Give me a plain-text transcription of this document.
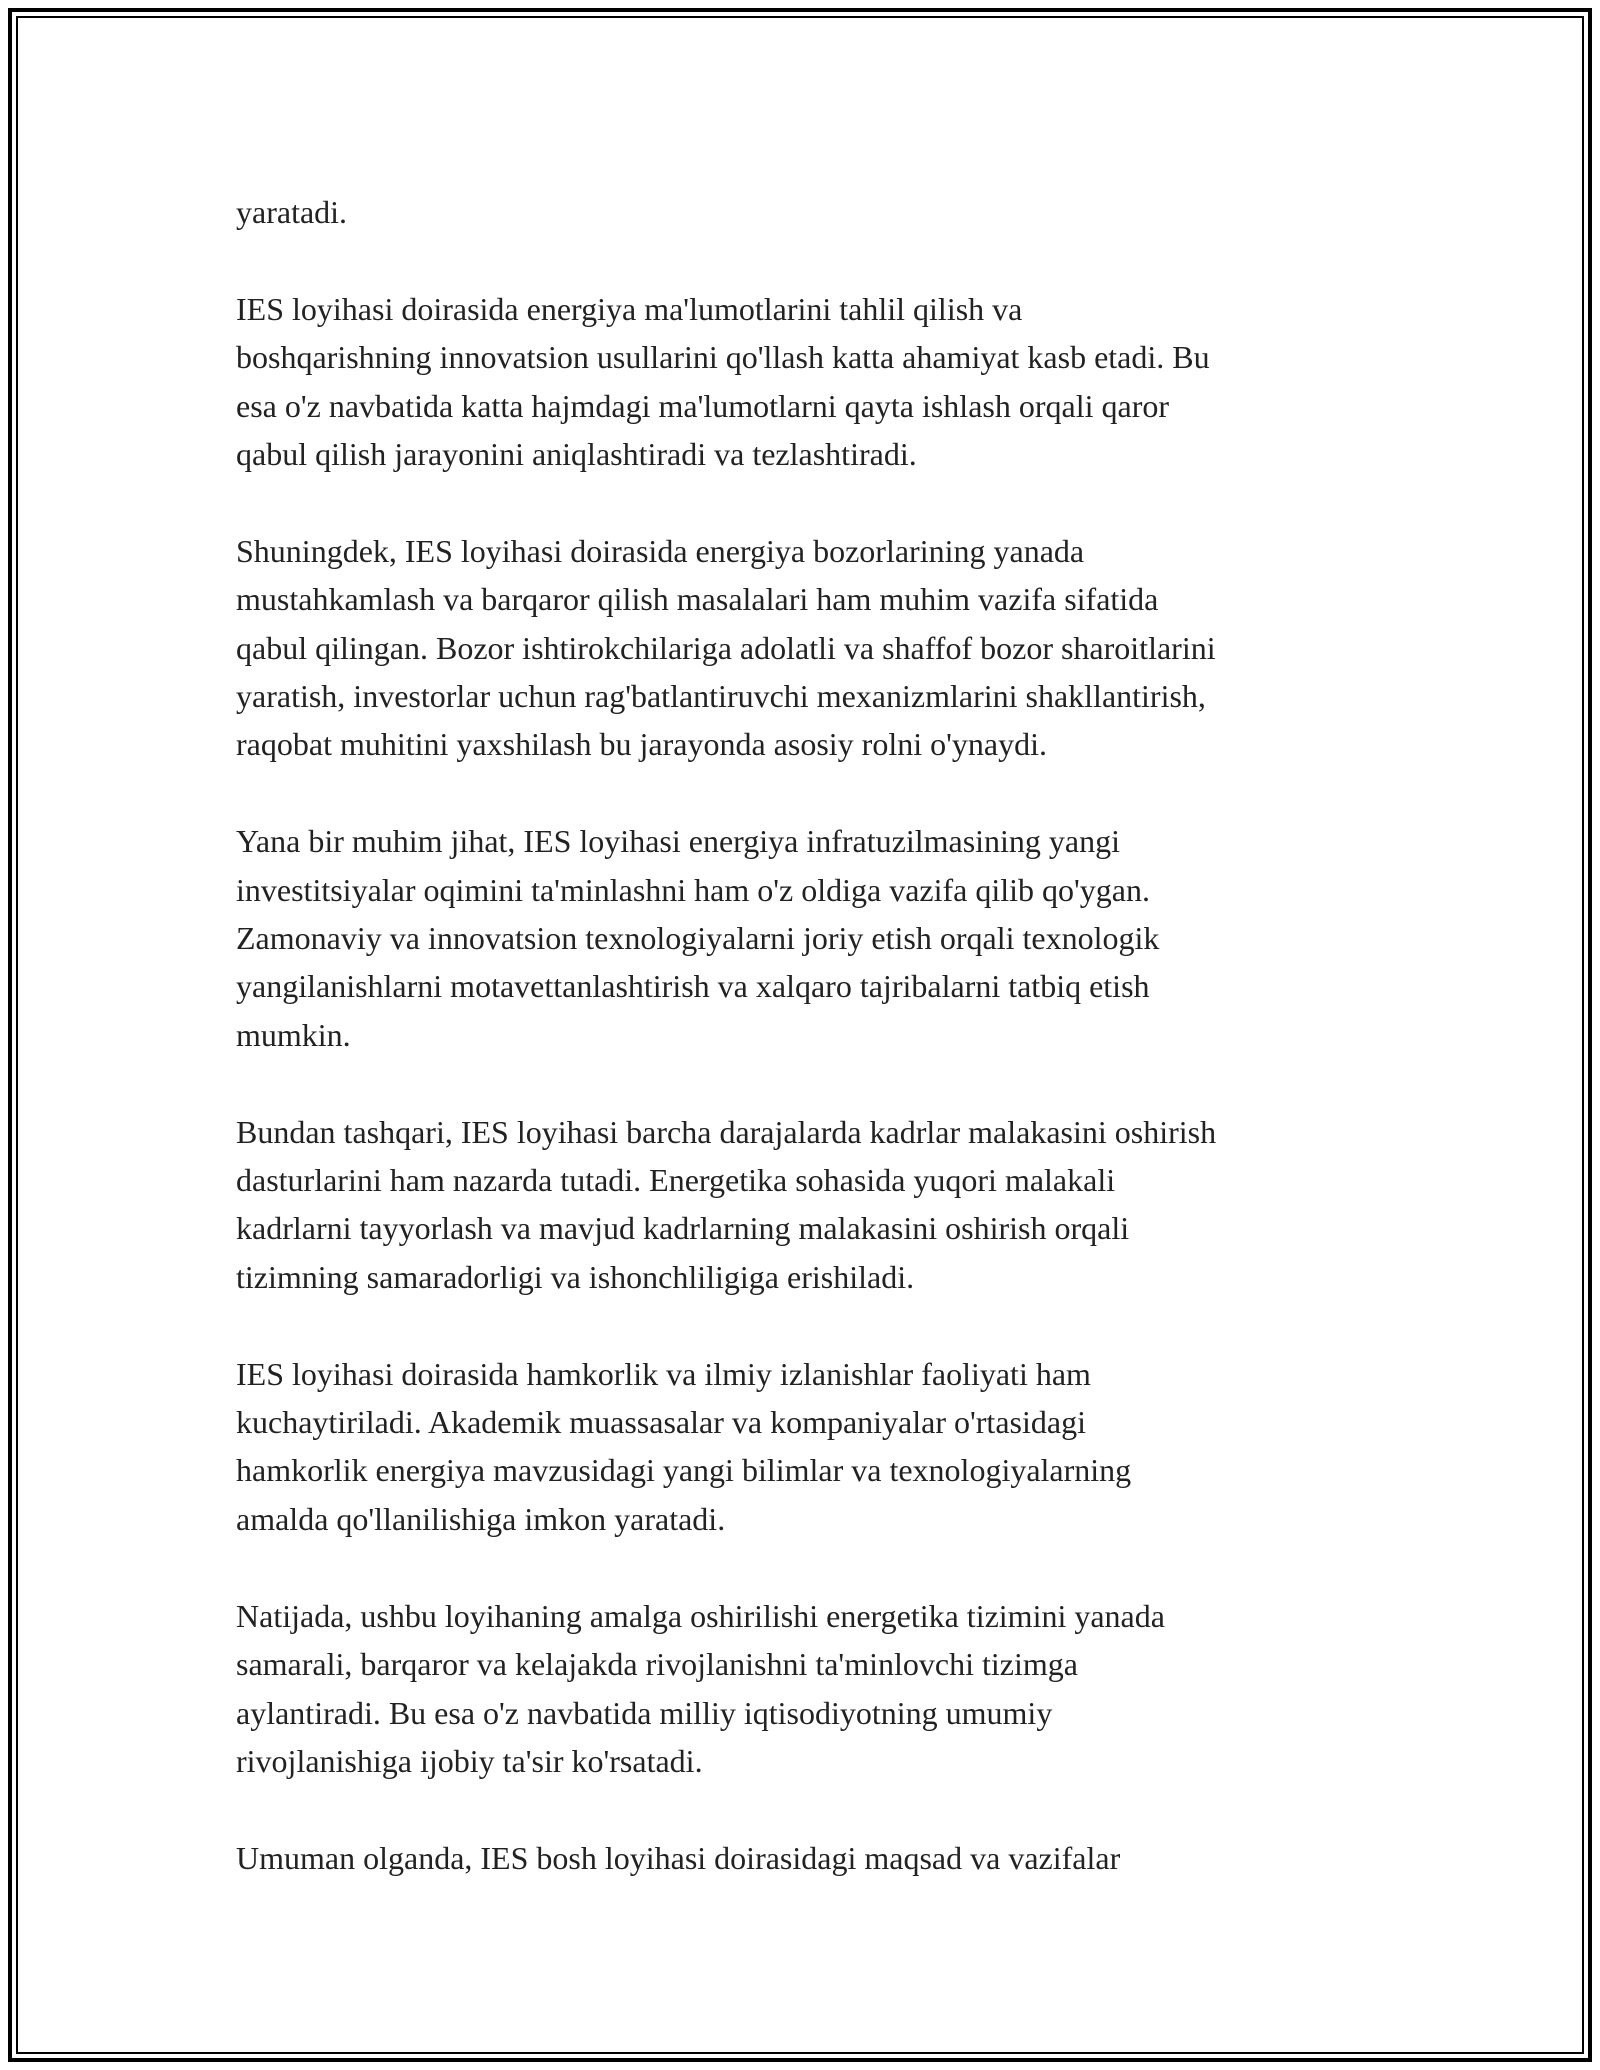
yaratadi.

IES loyihasi doirasida energiya ma'lumotlarini tahlil qilish va
boshqarishning innovatsion usullarini qo'llash katta ahamiyat kasb etadi. Bu
esa o'z navbatida katta hajmdagi ma'lumotlarni qayta ishlash orqali qaror
qabul qilish jarayonini aniqlashtiradi va tezlashtiradi.

Shuningdek, IES loyihasi doirasida energiya bozorlarining yanada
mustahkamlash va barqaror qilish masalalari ham muhim vazifa sifatida
qabul qilingan. Bozor ishtirokchilariga adolatli va shaffof bozor sharoitlarini
yaratish, investorlar uchun rag'batlantiruvchi mexanizmlarini shakllantirish,
raqobat muhitini yaxshilash bu jarayonda asosiy rolni o'ynaydi.

Yana bir muhim jihat, IES loyihasi energiya infratuzilmasining yangi
investitsiyalar oqimini ta'minlashni ham o'z oldiga vazifa qilib qo'ygan.
Zamonaviy va innovatsion texnologiyalarni joriy etish orqali texnologik
yangilanishlarni motavettanlashtirish va xalqaro tajribalarni tatbiq etish
mumkin.

Bundan tashqari, IES loyihasi barcha darajalarda kadrlar malakasini oshirish
dasturlarini ham nazarda tutadi. Energetika sohasida yuqori malakali
kadrlarni tayyorlash va mavjud kadrlarning malakasini oshirish orqali
tizimning samaradorligi va ishonchliligiga erishiladi.

IES loyihasi doirasida hamkorlik va ilmiy izlanishlar faoliyati ham
kuchaytiriladi. Akademik muassasalar va kompaniyalar o'rtasidagi
hamkorlik energiya mavzusidagi yangi bilimlar va texnologiyalarning
amalda qo'llanilishiga imkon yaratadi.

Natijada, ushbu loyihaning amalga oshirilishi energetika tizimini yanada
samarali, barqaror va kelajakda rivojlanishni ta'minlovchi tizimga
aylantiradi. Bu esa o'z navbatida milliy iqtisodiyotning umumiy
rivojlanishiga ijobiy ta'sir ko'rsatadi.

Umuman olganda, IES bosh loyihasi doirasidagi maqsad va vazifalar
